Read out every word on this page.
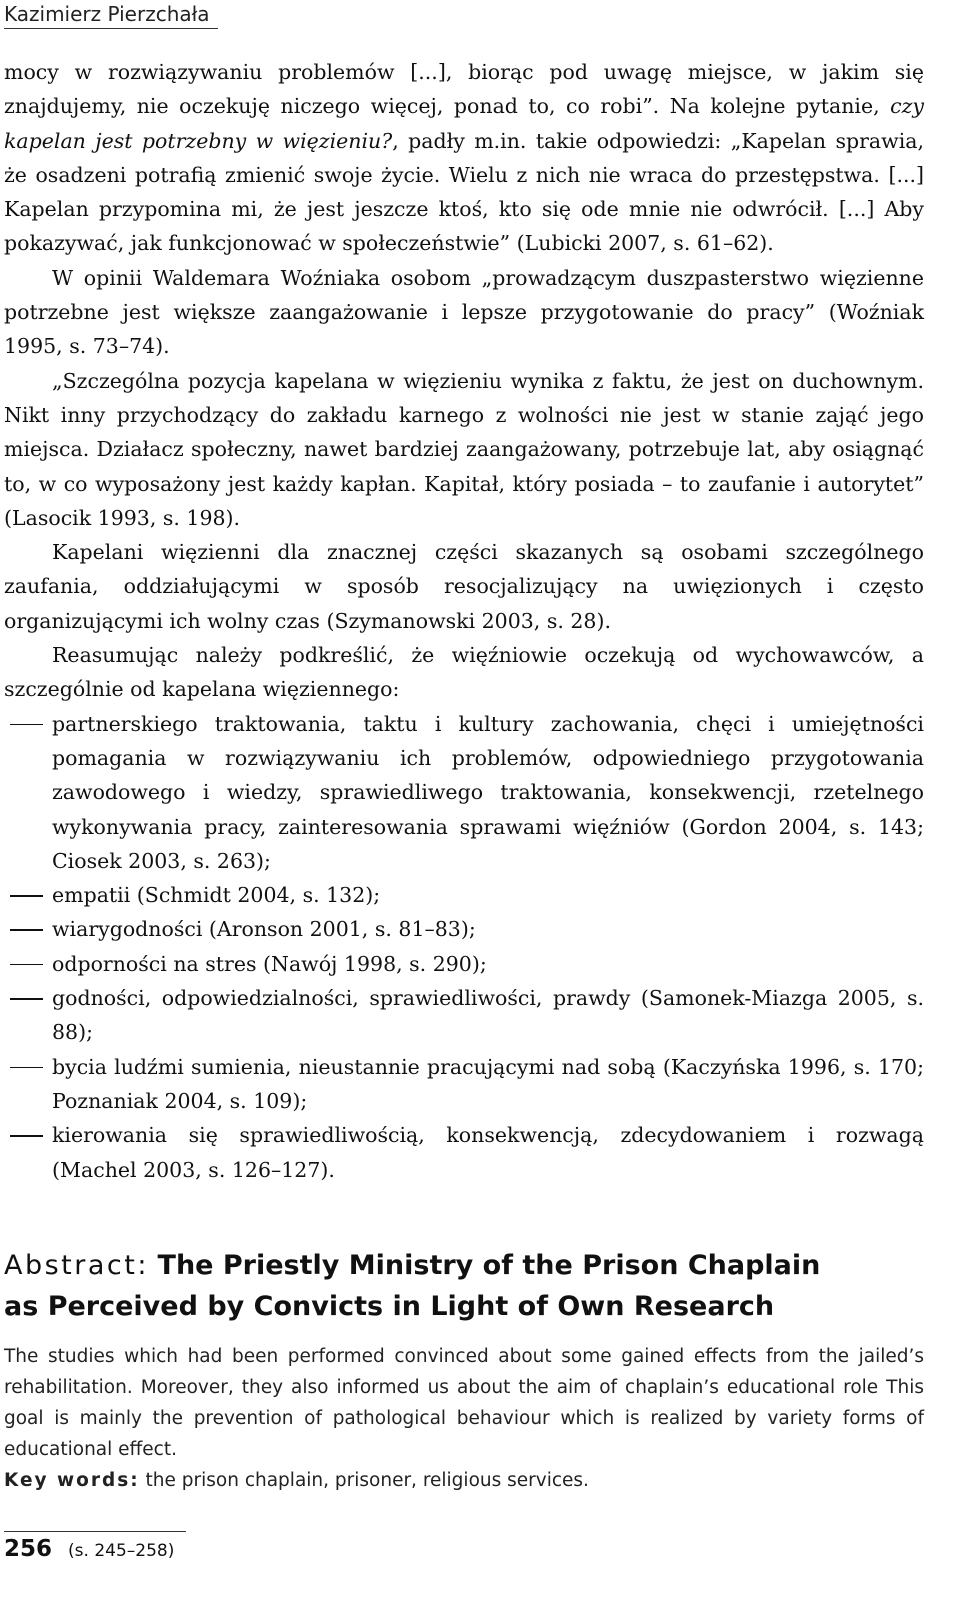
Kazimierz Pierzchała

mocy w rozwiązywaniu problemów [...], biorąc pod uwagę miejsce, w jakim się znajdujemy, nie oczekuję niczego więcej, ponad to, co robi”. Na kolejne pytanie, czy kapelan jest potrzebny w więzieniu?, padły m.in. takie odpowiedzi: „Kapelan sprawia, że osadzeni potrafią zmienić swoje życie. Wielu z nich nie wraca do przestępstwa. [...] Kapelan przypomina mi, że jest jeszcze ktoś, kto się ode mnie nie odwrócił. [...] Aby pokazywać, jak funkcjonować w społeczeństwie” (Lubicki 2007, s. 61–62).

W opinii Waldemara Woźniaka osobom „prowadzącym duszpasterstwo więzienne potrzebne jest większe zaangażowanie i lepsze przygotowanie do pracy” (Woźniak 1995, s. 73–74).

„Szczególna pozycja kapelana w więzieniu wynika z faktu, że jest on duchownym. Nikt inny przychodzący do zakładu karnego z wolności nie jest w stanie zająć jego miejsca. Działacz społeczny, nawet bardziej zaangażowany, potrzebuje lat, aby osiągnąć to, w co wyposażony jest każdy kapłan. Kapitał, który posiada – to zaufanie i autorytet” (Lasocik 1993, s. 198).

Kapelani więzienni dla znacznej części skazanych są osobami szczególnego zaufania, oddziałującymi w sposób resocjalizujący na uwięzionych i często organizującymi ich wolny czas (Szymanowski 2003, s. 28).

Reasumując należy podkreślić, że więźniowie oczekują od wychowawców, a szczególnie od kapelana więziennego:

partnerskiego traktowania, taktu i kultury zachowania, chęci i umiejętności pomagania w rozwiązywaniu ich problemów, odpowiedniego przygotowania zawodowego i wiedzy, sprawiedliwego traktowania, konsekwencji, rzetelnego wykonywania pracy, zainteresowania sprawami więźniów (Gordon 2004, s. 143; Ciosek 2003, s. 263);
empatii (Schmidt 2004, s. 132);
wiarygodności (Aronson 2001, s. 81–83);
odporności na stres (Nawój 1998, s. 290);
godności, odpowiedzialności, sprawiedliwości, prawdy (Samonek-Miazga 2005, s. 88);
bycia ludźmi sumienia, nieustannie pracującymi nad sobą (Kaczyńska 1996, s. 170; Poznaniak 2004, s. 109);
kierowania się sprawiedliwością, konsekwencją, zdecydowaniem i rozwagą (Machel 2003, s. 126–127).
Abstract: The Priestly Ministry of the Prison Chaplain
as Perceived by Convicts in Light of Own Research

The studies which had been performed convinced about some gained effects from the jailed’s rehabilitation. Moreover, they also informed us about the aim of chaplain’s educational role This goal is mainly the prevention of pathological behaviour which is realized by variety forms of educational effect.

Key words: the prison chaplain, prisoner, religious services.

256 (s. 245–258)
